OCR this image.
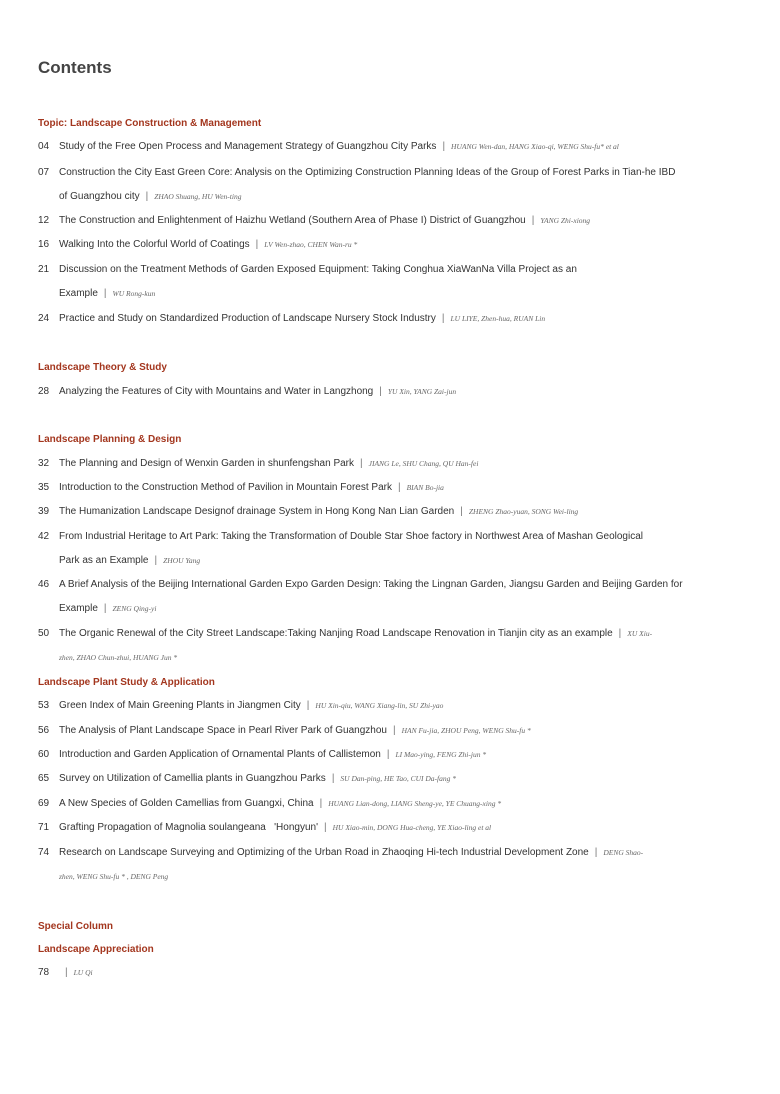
Contents
Topic: Landscape Construction & Management
Landscape Theory & Study
Landscape Planning & Design
Landscape Plant Study & Application
Special Column
Landscape Appreciation
04 Study of the Free Open Process and Management Strategy of Guangzhou City Parks | HUANG Wen-dan, HANG Xiao-qi, WENG Shu-fu* et al
07 Construction the City East Green Core: Analysis on the Optimizing Construction Planning Ideas of the Group of Forest Parks in Tian-he IBD
of Guangzhou city | ZHAO Shuang, HU Wen-ting
12 The Construction and Enlightenment of Haizhu Wetland (Southern Area of Phase I) District of Guangzhou | YANG Zhi-xiong
16 Walking Into the Colorful World of Coatings | LV Wen-zhao, CHEN Wan-ru *
21 Discussion on the Treatment Methods of Garden Exposed Equipment: Taking Conghua XiaWanNa Villa Project as an
Example | WU Rong-kun
24 Practice and Study on Standardized Production of Landscape Nursery Stock Industry | LU LIYE, Zhen-hua, RUAN Lin
28 Analyzing the Features of City with Mountains and Water in Langzhong | YU Xin, YANG Zai-jun
32 The Planning and Design of Wenxin Garden in shunfengshan Park | JIANG Le, SHU Chang, QU Han-fei
35 Introduction to the Construction Method of Pavilion in Mountain Forest Park | BIAN Bo-jia
39 The Humanization Landscape Designof drainage System in Hong Kong Nan Lian Garden | ZHENG Zhao-yuan, SONG Wei-ling
42 From Industrial Heritage to Art Park: Taking the Transformation of Double Star Shoe factory in Northwest Area of Mashan Geological
Park as an Example | ZHOU Yang
46 A Brief Analysis of the Beijing International Garden Expo Garden Design: Taking the Lingnan Garden, Jiangsu Garden and Beijing Garden for
Example | ZENG Qing-yi
50 The Organic Renewal of the City Street Landscape:Taking Nanjing Road Landscape Renovation in Tianjin city as an example | XU Xiu-
zhen, ZHAO Chun-zhui, HUANG Jun *
53 Green Index of Main Greening Plants in Jiangmen City | HU Xin-qiu, WANG Xiang-lin, SU Zhi-yao
56 The Analysis of Plant Landscape Space in Pearl River Park of Guangzhou | HAN Fu-jia, ZHOU Peng, WENG Shu-fu *
60 Introduction and Garden Application of Ornamental Plants of Callistemon | LI Mao-ying, FENG Zhi-jun *
65 Survey on Utilization of Camellia plants in Guangzhou Parks | SU Dan-ping, HE Tao, CUI Da-fang *
69 A New Species of Golden Camellias from Guangxi, China | HUANG Lian-dong, LIANG Sheng-ye, YE Chuang-xing *
71 Grafting Propagation of Magnolia soulangeana   'Hongyun' | HU Xiao-min, DONG Hua-cheng, YE Xiao-ling et al
74 Research on Landscape Surveying and Optimizing of the Urban Road in Zhaoqing Hi-tech Industrial Development Zone | DENG Shao-
zhen, WENG Shu-fu * , DENG Peng
78 | LU Qi
